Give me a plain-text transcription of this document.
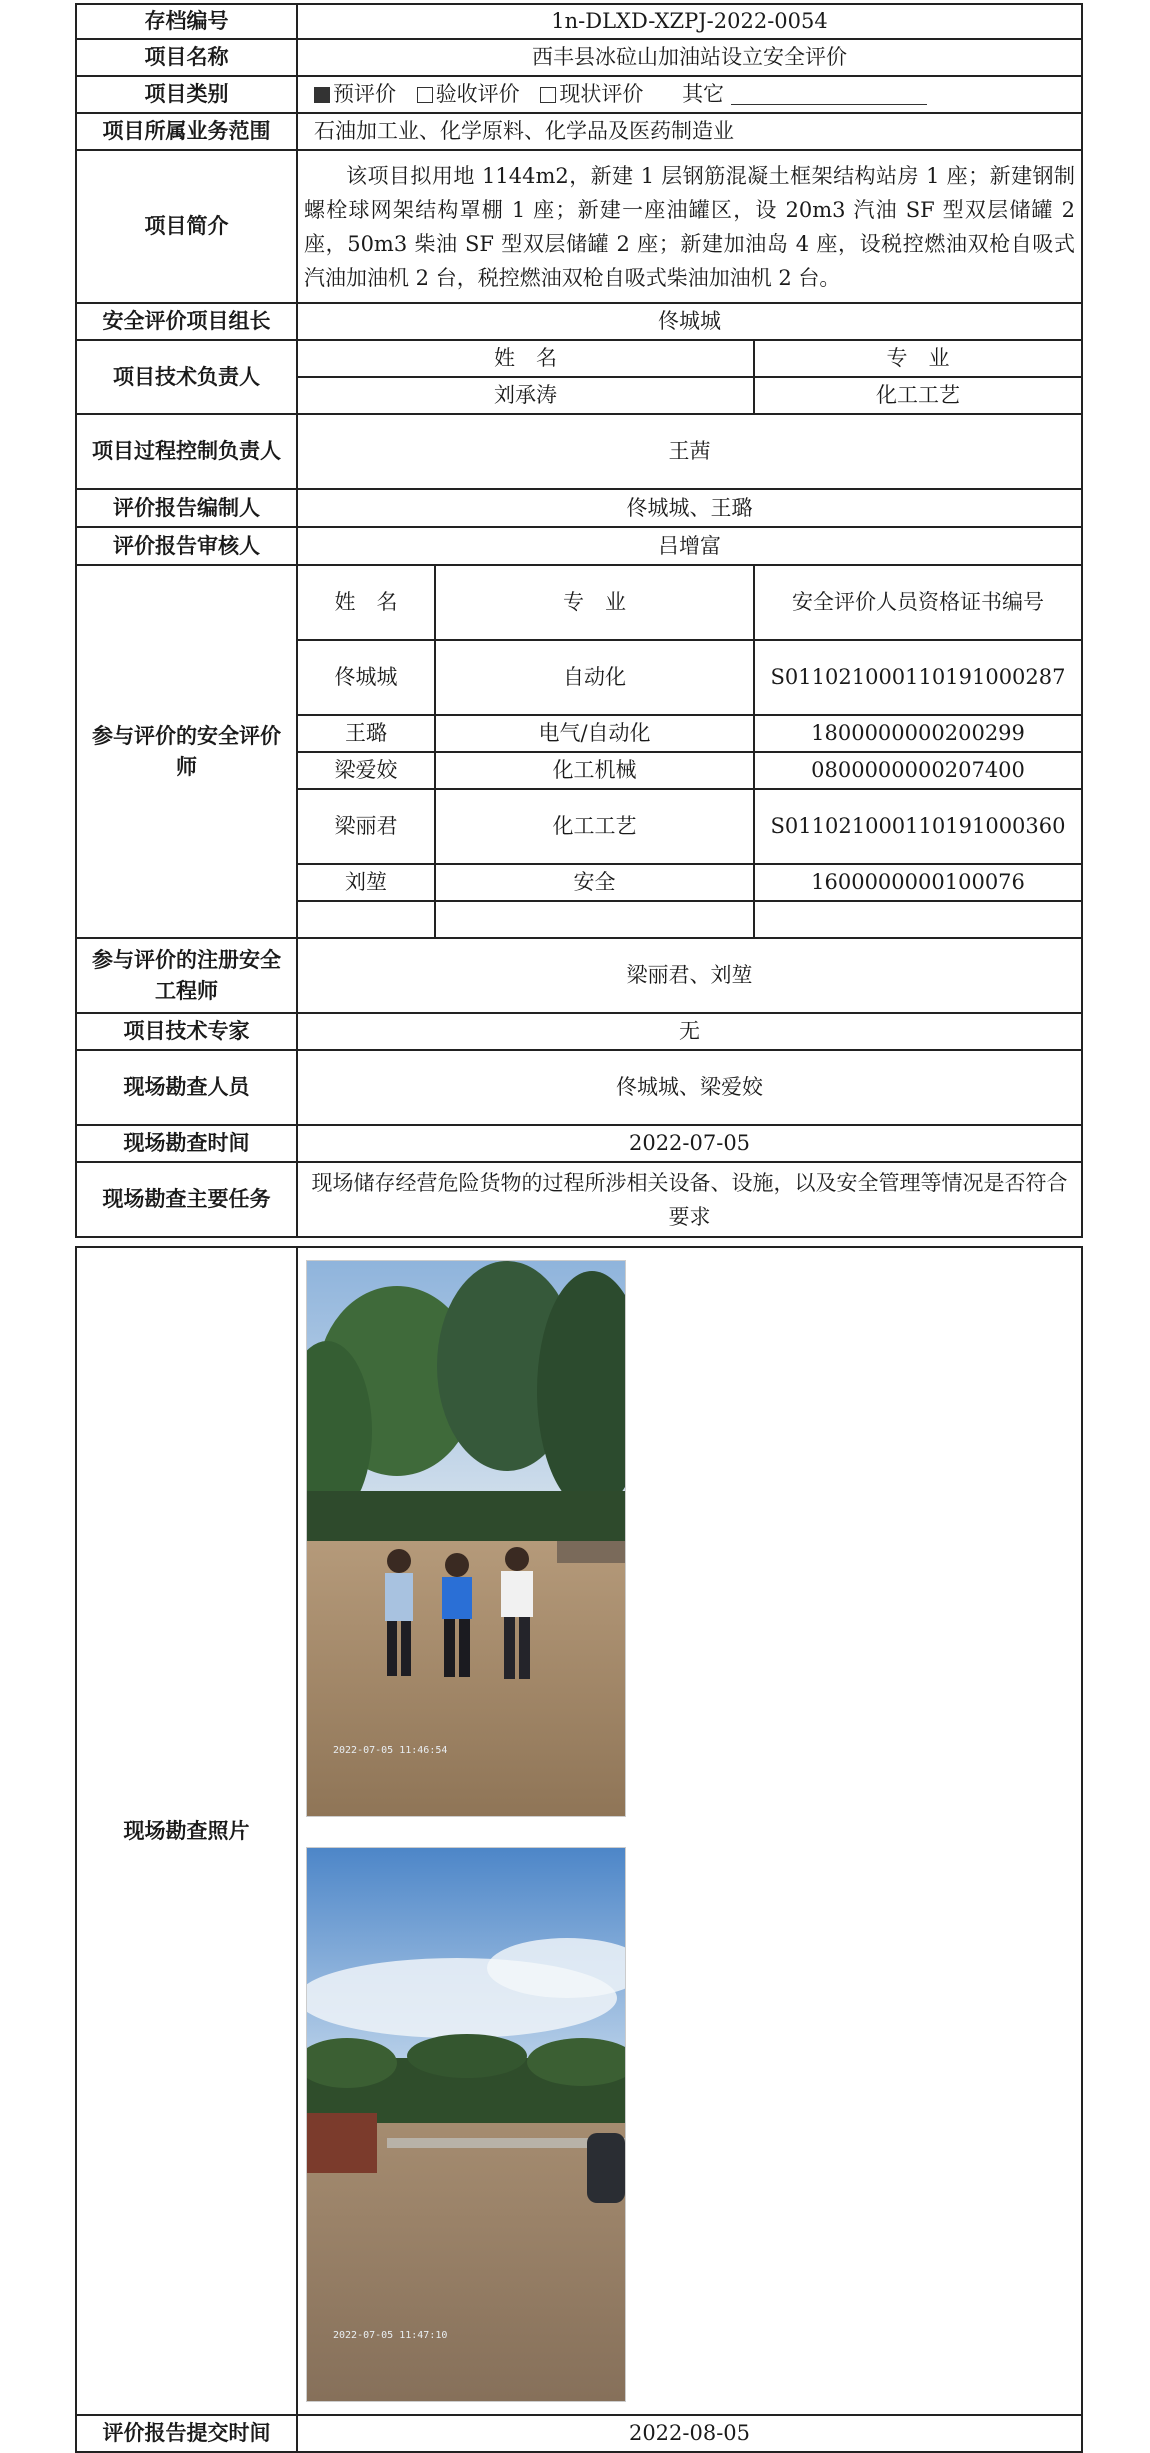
存档编号	1n-DLXD-XZPJ-2022-0054		
项目名称	西丰县冰砬山加油站设立安全评价		
项目类别	预评价 验收评价 现状评价 其它		
项目所属业务范围	石油加工业、化学原料、化学品及医药制造业		
项目简介	该项目拟用地 1144m2，新建 1 层钢筋混凝土框架结构站房 1 座；新建钢制螺栓球网架结构罩棚 1 座；新建一座油罐区，设 20m3 汽油 SF 型双层储罐 2 座，50m3 柴油 SF 型双层储罐 2 座；新建加油岛 4 座，设税控燃油双枪自吸式汽油加油机 2 台，税控燃油双枪自吸式柴油加油机 2 台。		
安全评价项目组长	佟城城		
项目技术负责人	姓　名		专　业
	刘承涛		化工工艺
项目过程控制负责人	王茜		
评价报告编制人	佟城城、王璐		
评价报告审核人	吕增富		
参与评价的安全评价师	姓　名	专　业	安全评价人员资格证书编号
	佟城城	自动化	S011021000110191000287
	王璐	电气/自动化	1800000000200299
	梁爱姣	化工机械	0800000000207400
	梁丽君	化工工艺	S011021000110191000360
	刘堃	安全	1600000000100076

参与评价的注册安全工程师	梁丽君、刘堃		
项目技术专家	无		
现场勘查人员	佟城城、梁爱姣		
现场勘查时间	2022-07-05		
现场勘查主要任务	现场储存经营危险货物的过程所涉相关设备、设施，以及安全管理等情况是否符合要求		
现场勘查照片	2022-07-05 11:46:54
2022-07-05 11:47:10

评价报告提交时间	2022-08-05
